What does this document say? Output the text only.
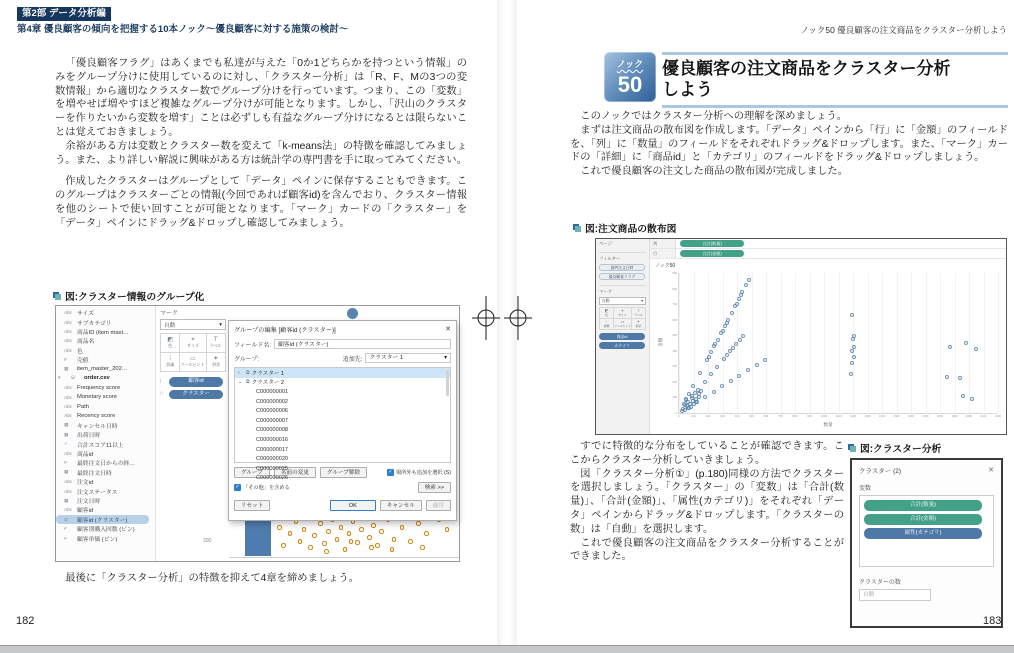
第2部 データ分析編
第4章 優良顧客の傾向を把握する10本ノック～優良顧客に対する施策の検討～

「優良顧客フラグ」はあくまでも私達が与えた「0か1どちらかを持つという情報」のみをグループ分けに使用しているのに対し、「クラスター分析」は「R、F、Mの3つの変数情報」から適切なクラスター数でグループ分けを行っています。つまり、この「変数」を増やせば増やすほど複雑なグループ分けが可能となります。しかし、「沢山のクラスターを作りたいから変数を増す」ことは必ずしも有益なグループ分けになるとは限らないことは覚えておきましょう。

余裕がある方は変数とクラスター数を変えて「k-means法」の特徴を確認してみましょう。また、より詳しい解説に興味がある方は統計学の専門書を手に取ってみてください。

作成したクラスターはグループとして「データ」ペインに保存することもできます。このグループはクラスターごとの情報(今回であれば顧客id)を含んでおり、クラスター情報を他のシートで使い回すことが可能となります。「マーク」カードの「クラスター」を「データ」ペインにドラッグ&ドロップし確認してみましょう。

図:クラスター情報のグループ化
Abc サイズ
Abc サブカテゴリ
Abc 商品ID (item mast…
Abc 商品名
Abc 色
#	売値
▦	item_master_202…
▾	⛁	order.csv
Abc Frequency score
Abc Monetary score
Abc Path
Abc Recency score
▦	キャンセル日時
▦	出荷日時
✓	合計スコア11以上
Abc 商品id
#	最終注文日からの経…
▦	最終注文日時
Abc 注文id
Abc 注文ステータス
▦	注文日時
Abc 顧客id
⧉	顧客id (クラスター)
#	顧客別購入回数 (ビン)
#	顧客単価 (ビン)
マーク
自動	▾
◩
色
⌖
サイズ
T
ラベル
⁞
詳細
▭
ツールヒント
✦
形状
⁞	顧客id
∷	クラスター
200
グループの編集 [顧客id (クラスター)]	✕
フィールド名:	顧客id (クラスター)
グループ:	追加先: クラスター 1	▾
›	⧉ クラスター 1
⌄ ⧉ クラスター 2
C000000001
C000000002
C000000006
C000000007
C000000008
C000000016
C000000017
C000000020
C000000025
C000000026
グループ	名前の変更	グループ解除	✓ 場所外も追加を選択 (S)
✓ 「その他」を含める	検索 >>
リセット	OK	キャンセル	適用

最後に「クラスター分析」の特徴を抑えて4章を締めましょう。

182
ノック50 優良顧客の注文商品をクラスター分析しよう
ノック
50
優良顧客の注文商品をクラスター分析
しよう

このノックではクラスター分析への理解を深めましょう。

まずは注文商品の散布図を作成します。「データ」ペインから「行」に「金額」のフィールドを、「列」に「数量」のフィールドをそれぞれドラッグ&ドロップします。また、「マーク」カードの「詳細」に「商品id」と「カテゴリ」のフィールドをドラッグ&ドロップしましょう。

これで優良顧客の注文した商品の散布図が完成しました。

図:注文商品の散布図
ページ
フィルター
最終注文日時
優良顧客フラグ
マーク
自動	▾
◩
色
⌖
サイズ
T
ラベル
⁞
詳細
▭
ツールヒント
✦
形状
商品id
カテゴリ
列	合計(数量)
行	合計(金額)
ノック50
金額
数量
0	100	200	300	400	500	600	700	800	900	1000	1100	1200	1300	1400	1500	1600	1700	1800	1900	2000	2100	2200
0
100
200
300
400
500
600
700
800
900

すでに特徴的な分布をしていることが確認できます。ここからクラスター分析していきましょう。

図「クラスター分析①」(p.180)同様の方法でクラスターを選択しましょう。「クラスター」の「変数」は「合計(数量)」、「合計(金額)」、「属性(カテゴリ)」をそれぞれ「データ」ペインからドラッグ&ドロップします。「クラスターの数」は「自動」を選択します。

これで優良顧客の注文商品をクラスター分析することができました。

図:クラスター分析
クラスター (2)	✕
変数
合計(数量)
合計(金額)
属性(カテゴリ)
クラスターの数
自動
183
